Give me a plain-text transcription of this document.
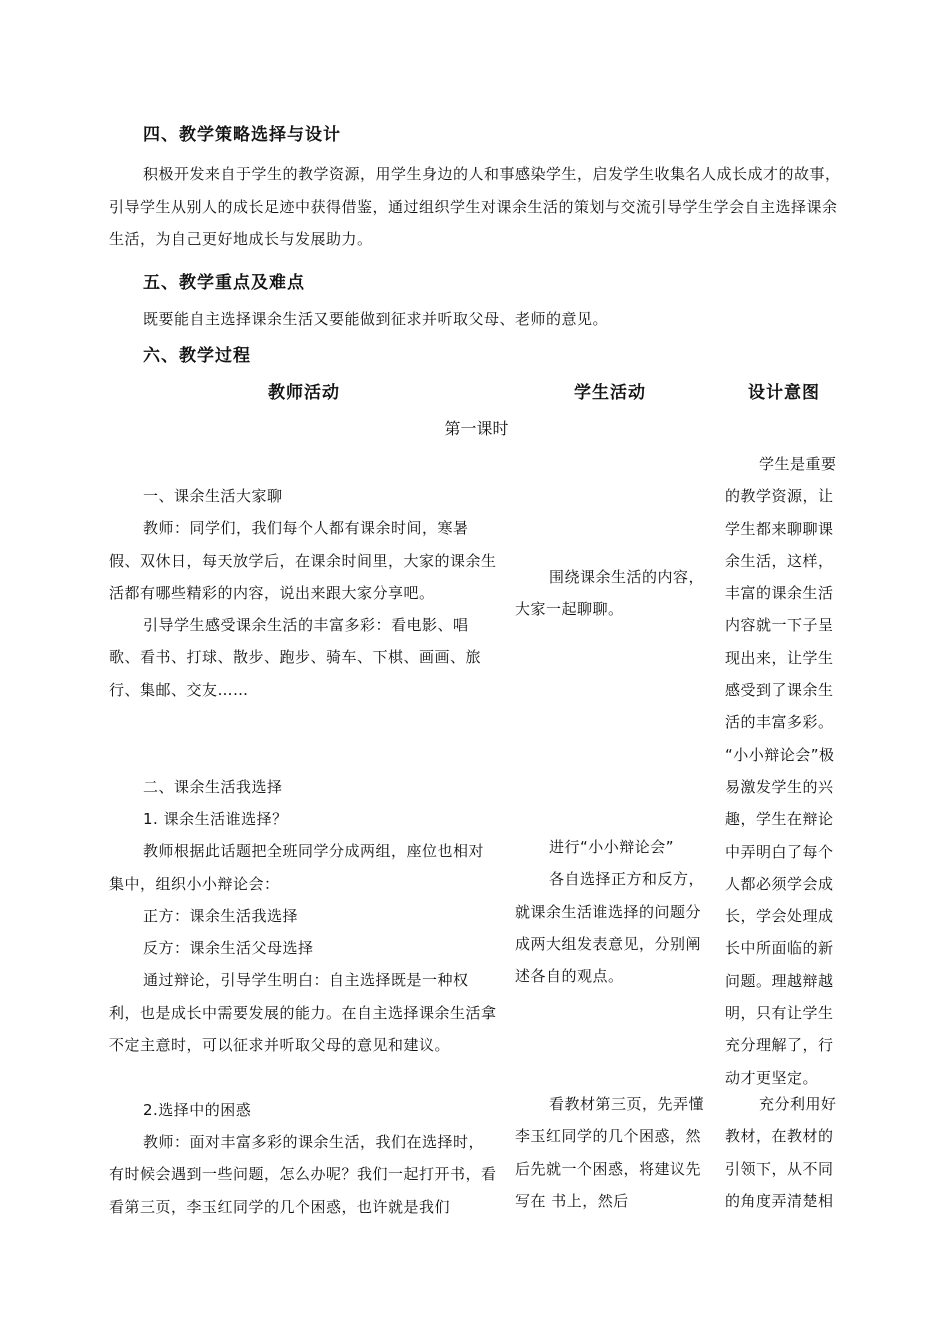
四、教学策略选择与设计

积极开发来自于学生的教学资源，用学生身边的人和事感染学生，启发学生收集名人成长成才的故事，引导学生从别人的成长足迹中获得借鉴，通过组织学生对课余生活的策划与交流引导学生学会自主选择课余生活，为自己更好地成长与发展助力。

五、教学重点及难点
既要能自主选择课余生活又要能做到征求并听取父母、老师的意见。
六、教学过程
教师活动	学生活动	设计意图
第一课时

一、课余生活大家聊

教师：同学们，我们每个人都有课余时间，寒暑假、双休日，每天放学后，在课余时间里，大家的课余生活都有哪些精彩的内容，说出来跟大家分享吧。

引导学生感受课余生活的丰富多彩：看电影、唱歌、看书、打球、散步、跑步、骑车、下棋、画画、旅行、集邮、交友……

二、课余生活我选择

1. 课余生活谁选择？

教师根据此话题把全班同学分成两组，座位也相对集中，组织小小辩论会：

正方：课余生活我选择

反方：课余生活父母选择

通过辩论，引导学生明白：自主选择既是一种权利，也是成长中需要发展的能力。在自主选择课余生活拿不定主意时，可以征求并听取父母的意见和建议。

2.选择中的困惑

教师：面对丰富多彩的课余生活，我们在选择时，有时候会遇到一些问题，怎么办呢？我们一起打开书，看看第三页，李玉红同学的几个困惑，也许就是我们

围绕课余生活的内容，大家一起聊聊。

进行“小小辩论会”

各自选择正方和反方，就课余生活谁选择的问题分成两大组发表意见，分别阐述各自的观点。

看教材第三页，先弄懂李玉红同学的几个困惑，然后先就一个困惑，将建议先写在 书上，然后

学生是重要的教学资源，让学生都来聊聊课余生活，这样，丰富的课余生活内容就一下子呈现出来，让学生感受到了课余生活的丰富多彩。

“小小辩论会”极易激发学生的兴趣，学生在辩论中弄明白了每个人都必须学会成长，学会处理成长中所面临的新问题。理越辩越明，只有让学生充分理解了，行动才更坚定。

充分利用好教材，在教材的引领下，从不同的角度弄清楚相
